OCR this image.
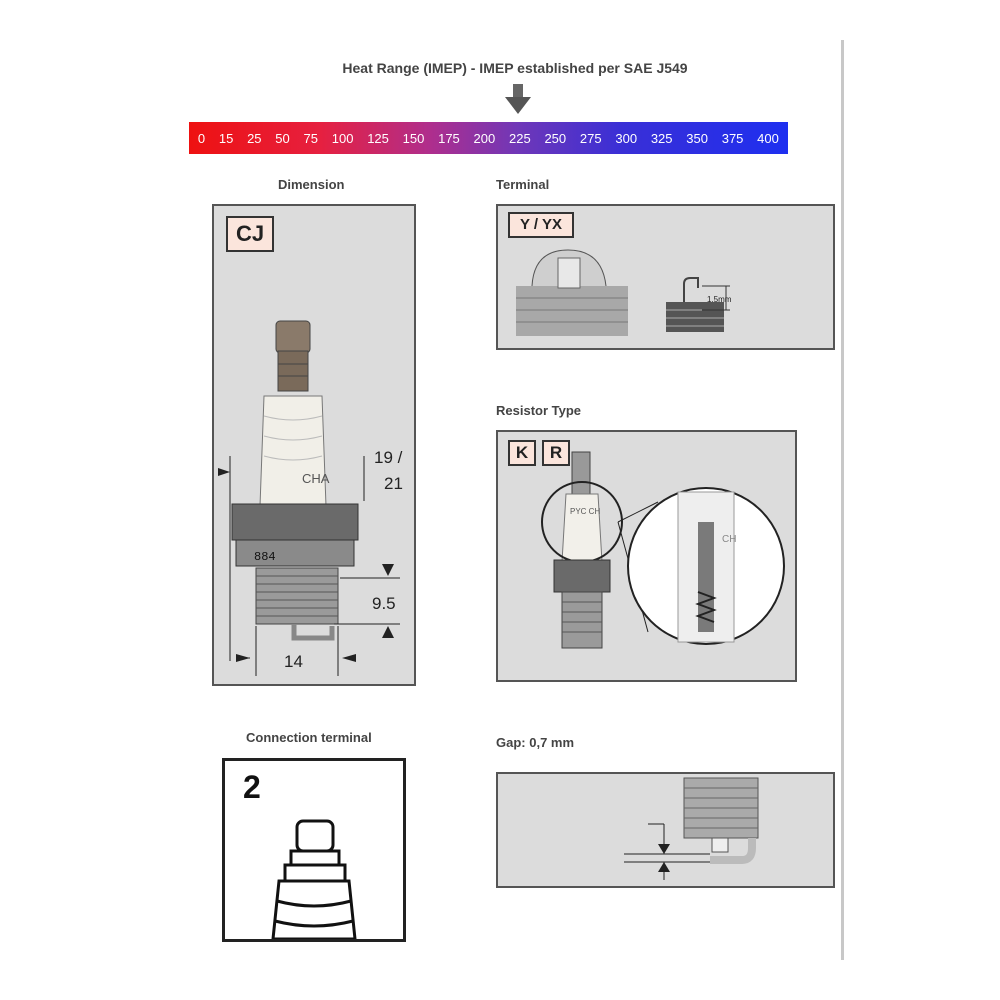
Heat Range (IMEP) - IMEP established per SAE J549
0 15 25 50 75 100 125 150 175 200 225 250 275 300 325 350 375 400
Dimension
CJ
CHA
884
19 /
21
9.5
14
Terminal
Y / YX
1.5mm
Resistor Type
K	R
PYC CH
CH
Connection terminal
2
Gap: 0,7 mm
